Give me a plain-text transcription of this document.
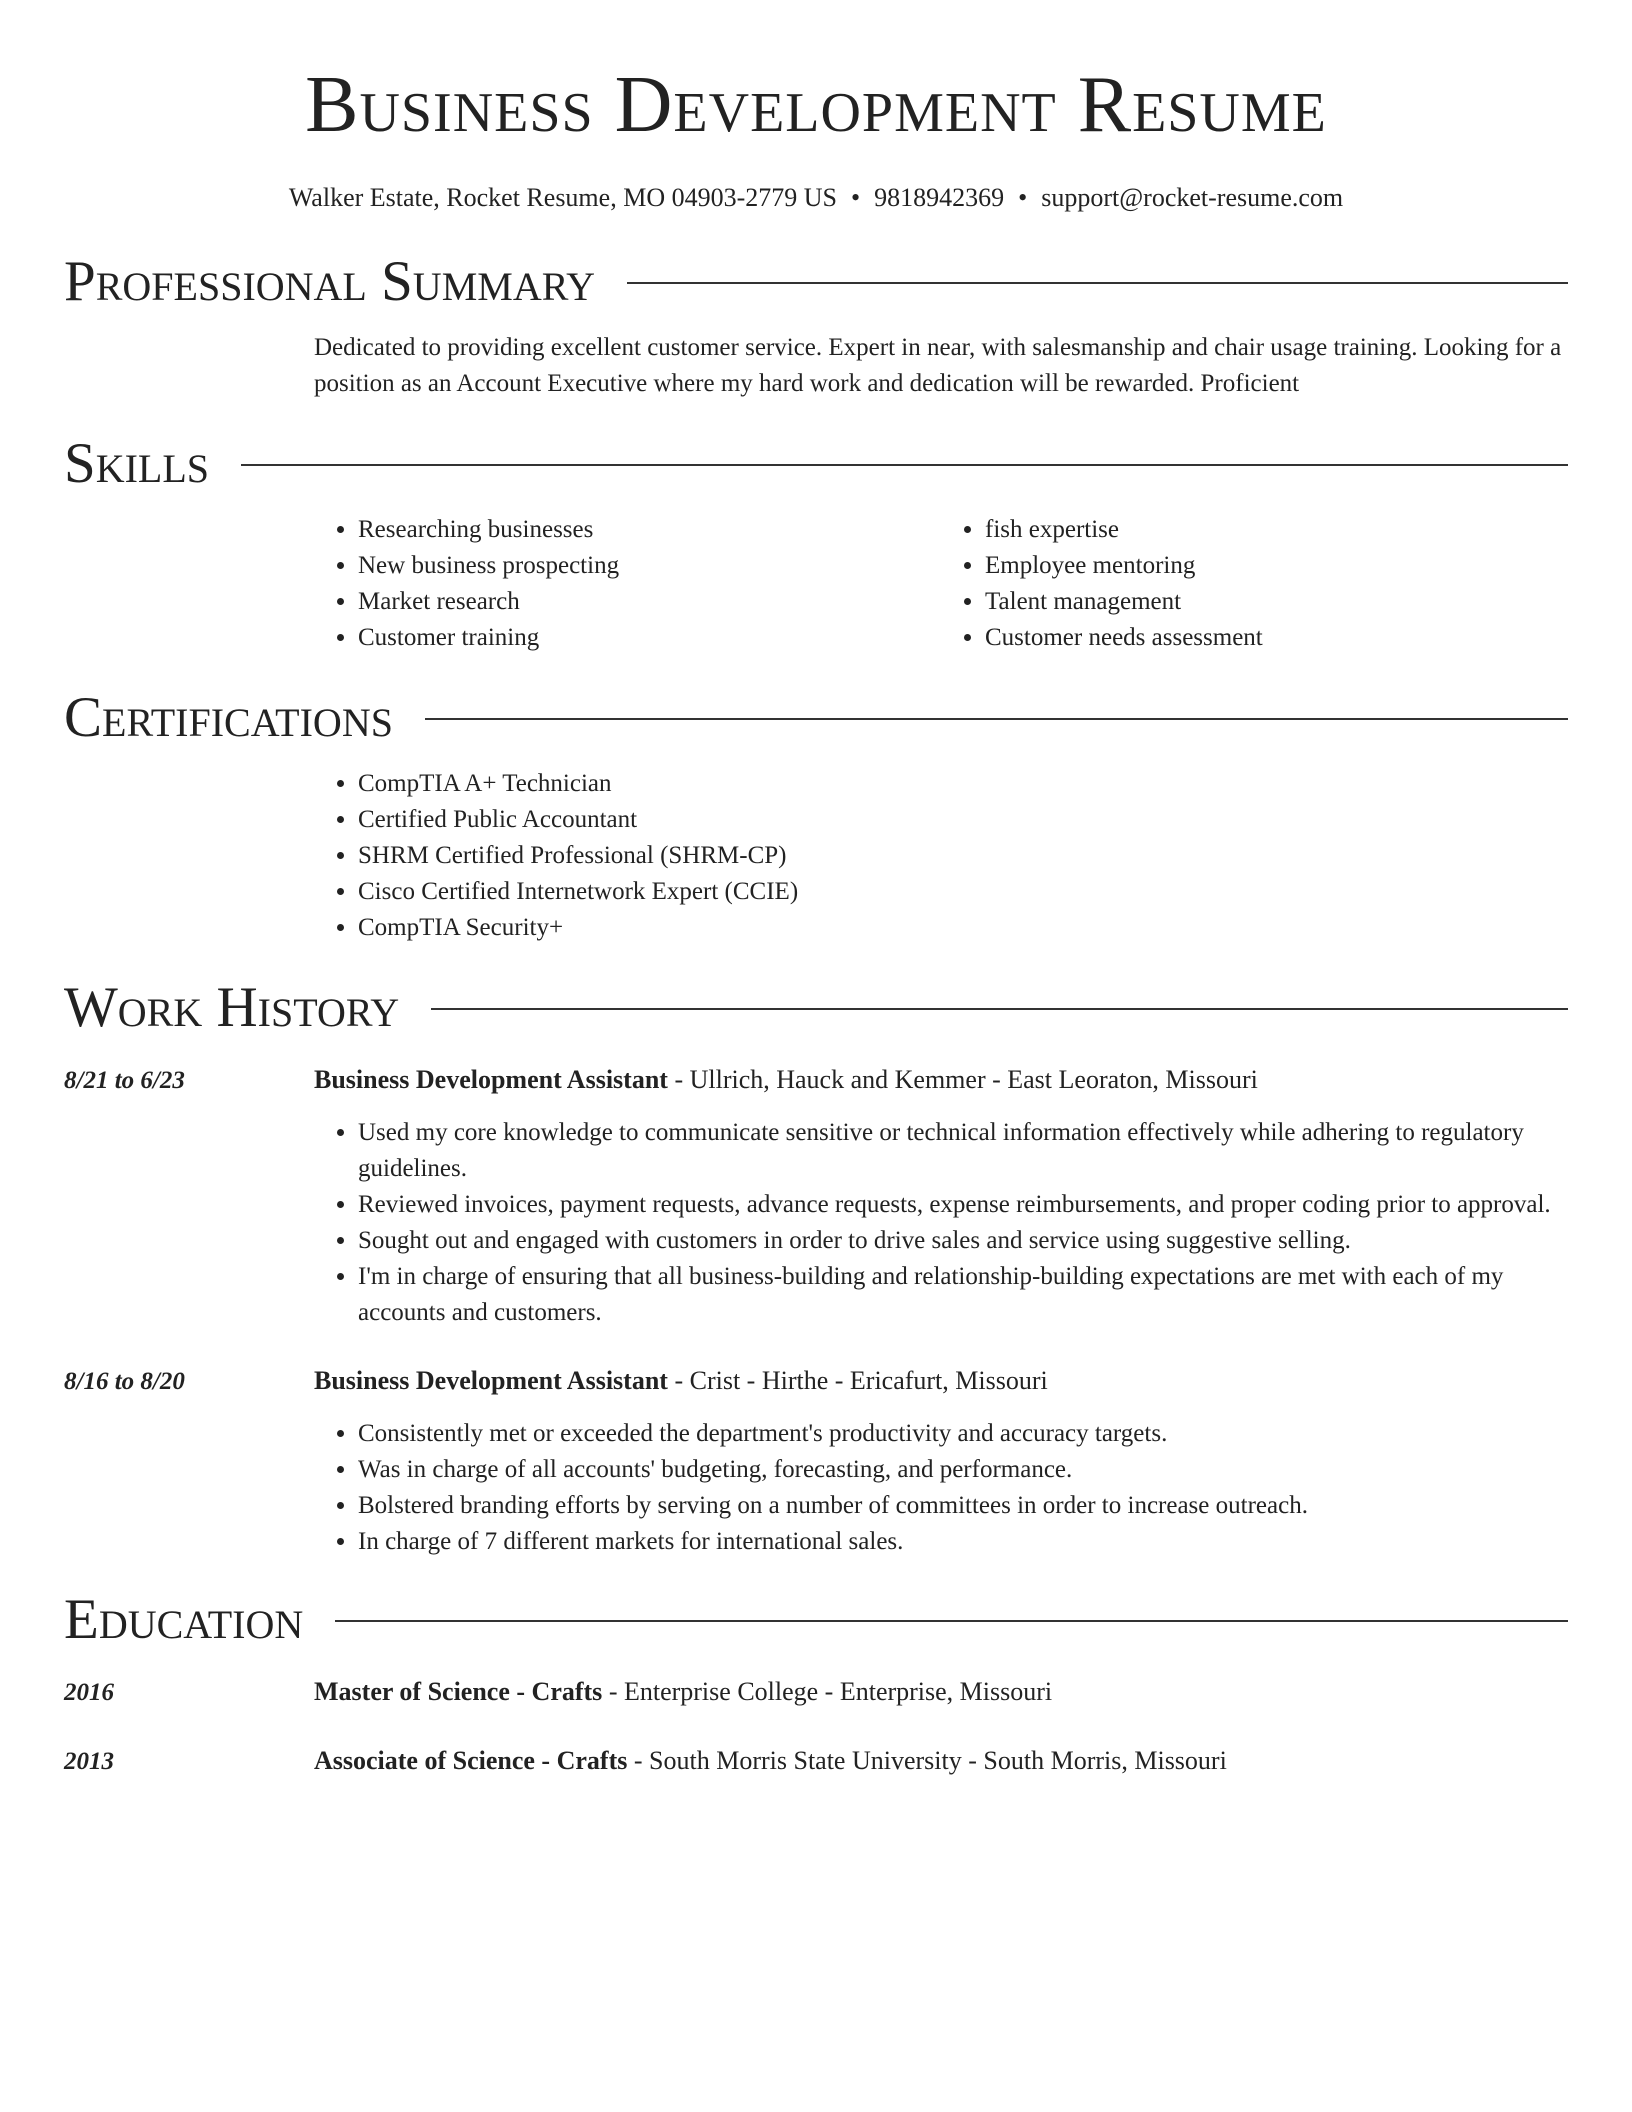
Business Development Resume
Walker Estate, Rocket Resume, MO 04903-2779 US • 9818942369 • support@rocket-resume.com
Professional Summary

Dedicated to providing excellent customer service. Expert in near, with salesmanship and chair usage training. Looking for a position as an Account Executive where my hard work and dedication will be rewarded. Proficient

Skills
• Researching businesses
• New business prospecting
• Market research
• Customer training
• fish expertise
• Employee mentoring
• Talent management
• Customer needs assessment
Certifications
• CompTIA A+ Technician
• Certified Public Accountant
• SHRM Certified Professional (SHRM-CP)
• Cisco Certified Internetwork Expert (CCIE)
• CompTIA Security+
Work History
8/21 to 6/23	Business Development Assistant - Ullrich, Hauck and Kemmer - East Leoraton, Missouri
• Used my core knowledge to communicate sensitive or technical information effectively while adhering to regulatory guidelines.
• Reviewed invoices, payment requests, advance requests, expense reimbursements, and proper coding prior to approval.
• Sought out and engaged with customers in order to drive sales and service using suggestive selling.
• I'm in charge of ensuring that all business-building and relationship-building expectations are met with each of my accounts and customers.
8/16 to 8/20	Business Development Assistant - Crist - Hirthe - Ericafurt, Missouri
• Consistently met or exceeded the department's productivity and accuracy targets.
• Was in charge of all accounts' budgeting, forecasting, and performance.
• Bolstered branding efforts by serving on a number of committees in order to increase outreach.
• In charge of 7 different markets for international sales.
Education
2016	Master of Science - Crafts - Enterprise College - Enterprise, Missouri
2013	Associate of Science - Crafts - South Morris State University - South Morris, Missouri
